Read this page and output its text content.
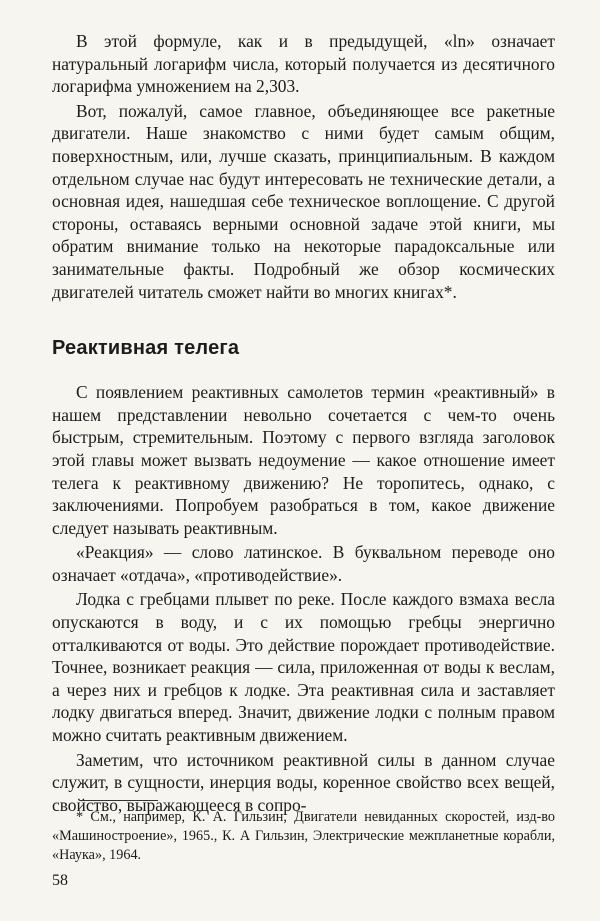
В этой формуле, как и в предыдущей, «ln» означает натуральный логарифм числа, который получается из десятичного логарифма умножением на 2,303.

Вот, пожалуй, самое главное, объединяющее все ракетные двигатели. Наше знакомство с ними будет самым общим, поверхностным, или, лучше сказать, принципиальным. В каждом отдельном случае нас будут интересовать не технические детали, а основная идея, нашедшая себе техническое воплощение. С другой стороны, оставаясь верными основной задаче этой книги, мы обратим внимание только на некоторые парадоксальные или занимательные факты. Подробный же обзор космических двигателей читатель сможет найти во многих книгах*.

Реактивная телега

С появлением реактивных самолетов термин «реактивный» в нашем представлении невольно сочетается с чем-то очень быстрым, стремительным. Поэтому с первого взгляда заголовок этой главы может вызвать недоумение — какое отношение имеет телега к реактивному движению? Не торопитесь, однако, с заключениями. Попробуем разобраться в том, какое движение следует называть реактивным.

«Реакция» — слово латинское. В буквальном переводе оно означает «отдача», «противодействие».

Лодка с гребцами плывет по реке. После каждого взмаха весла опускаются в воду, и с их помощью гребцы энергично отталкиваются от воды. Это действие порождает противодействие. Точнее, возникает реакция — сила, приложенная от воды к веслам, а через них и гребцов к лодке. Эта реактивная сила и заставляет лодку двигаться вперед. Значит, движение лодки с полным правом можно считать реактивным движением.

Заметим, что источником реактивной силы в данном случае служит, в сущности, инерция воды, коренное свойство всех вещей, свойство, выражающееся в сопро-

* См., например, К. А. Гильзин, Двигатели невиданных скоростей, изд-во «Машиностроение», 1965., К. А Гильзин, Электрические межпланетные корабли, «Наука», 1964.

58
